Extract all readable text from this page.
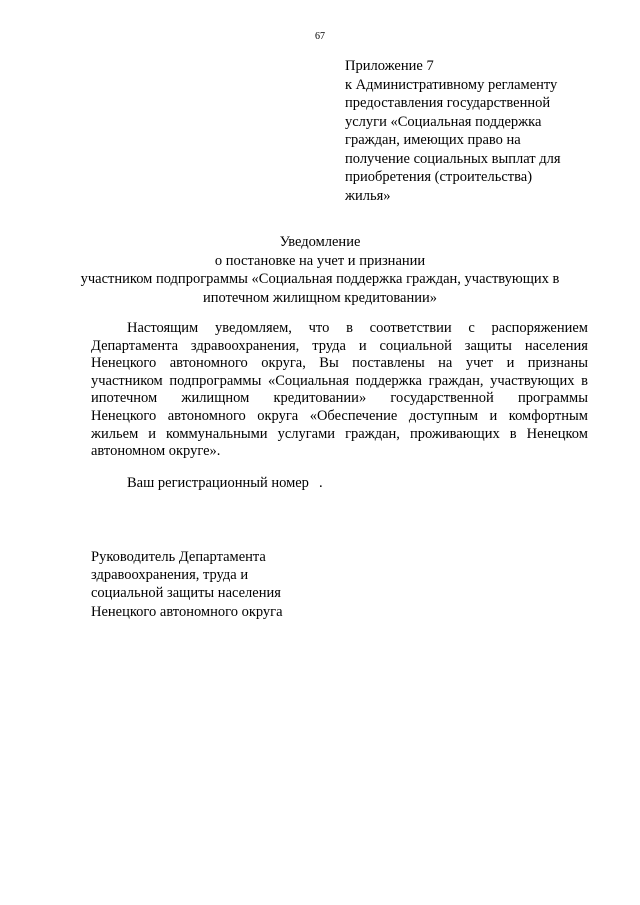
67
Приложение 7
к Административному регламенту
предоставления государственной
услуги «Социальная поддержка
граждан, имеющих право на
получение социальных выплат для
приобретения (строительства)
жилья»
Уведомление
о постановке на учет и признании
участником подпрограммы «Социальная поддержка граждан, участвующих в
ипотечном жилищном кредитовании»
Настоящим уведомляем, что в соответствии с распоряжением
Департамента здравоохранения, труда и социальной защиты населения
Ненецкого автономного округа, Вы поставлены на учет и признаны
участником подпрограммы «Социальная поддержка граждан, участвующих в
ипотечном жилищном кредитовании» государственной программы
Ненецкого автономного округа «Обеспечение доступным и комфортным
жильем и коммунальными услугами граждан, проживающих в Ненецком
автономном округе».
Ваш регистрационный номер .
Руководитель Департамента
здравоохранения, труда и
социальной защиты населения
Ненецкого автономного округа
